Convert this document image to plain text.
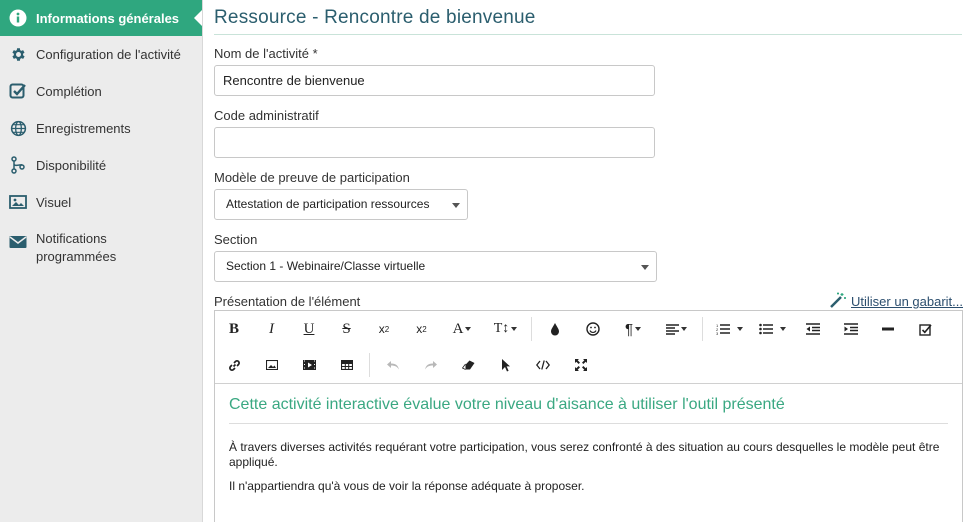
Informations générales
Configuration de l'activité
Complétion
Enregistrements
Disponibilité
Visuel
Notifications programmées
Ressource - Rencontre de bienvenue
Nom de l'activité *
Rencontre de bienvenue
Code administratif
Modèle de preuve de participation
Attestation de participation ressources
Section
Section 1 - Webinaire/Classe virtuelle
Présentation de l'élément	Utiliser un gabarit...
B I U S	x 2	x 2 A T↕	¶	1
2
3
Cette activité interactive évalue votre niveau d'aisance à utiliser l'outil présenté

À travers diverses activités requérant votre participation, vous serez confronté à des situation au cours desquelles le modèle peut être appliqué.

Il n'appartiendra qu'à vous de voir la réponse adéquate à proposer.
